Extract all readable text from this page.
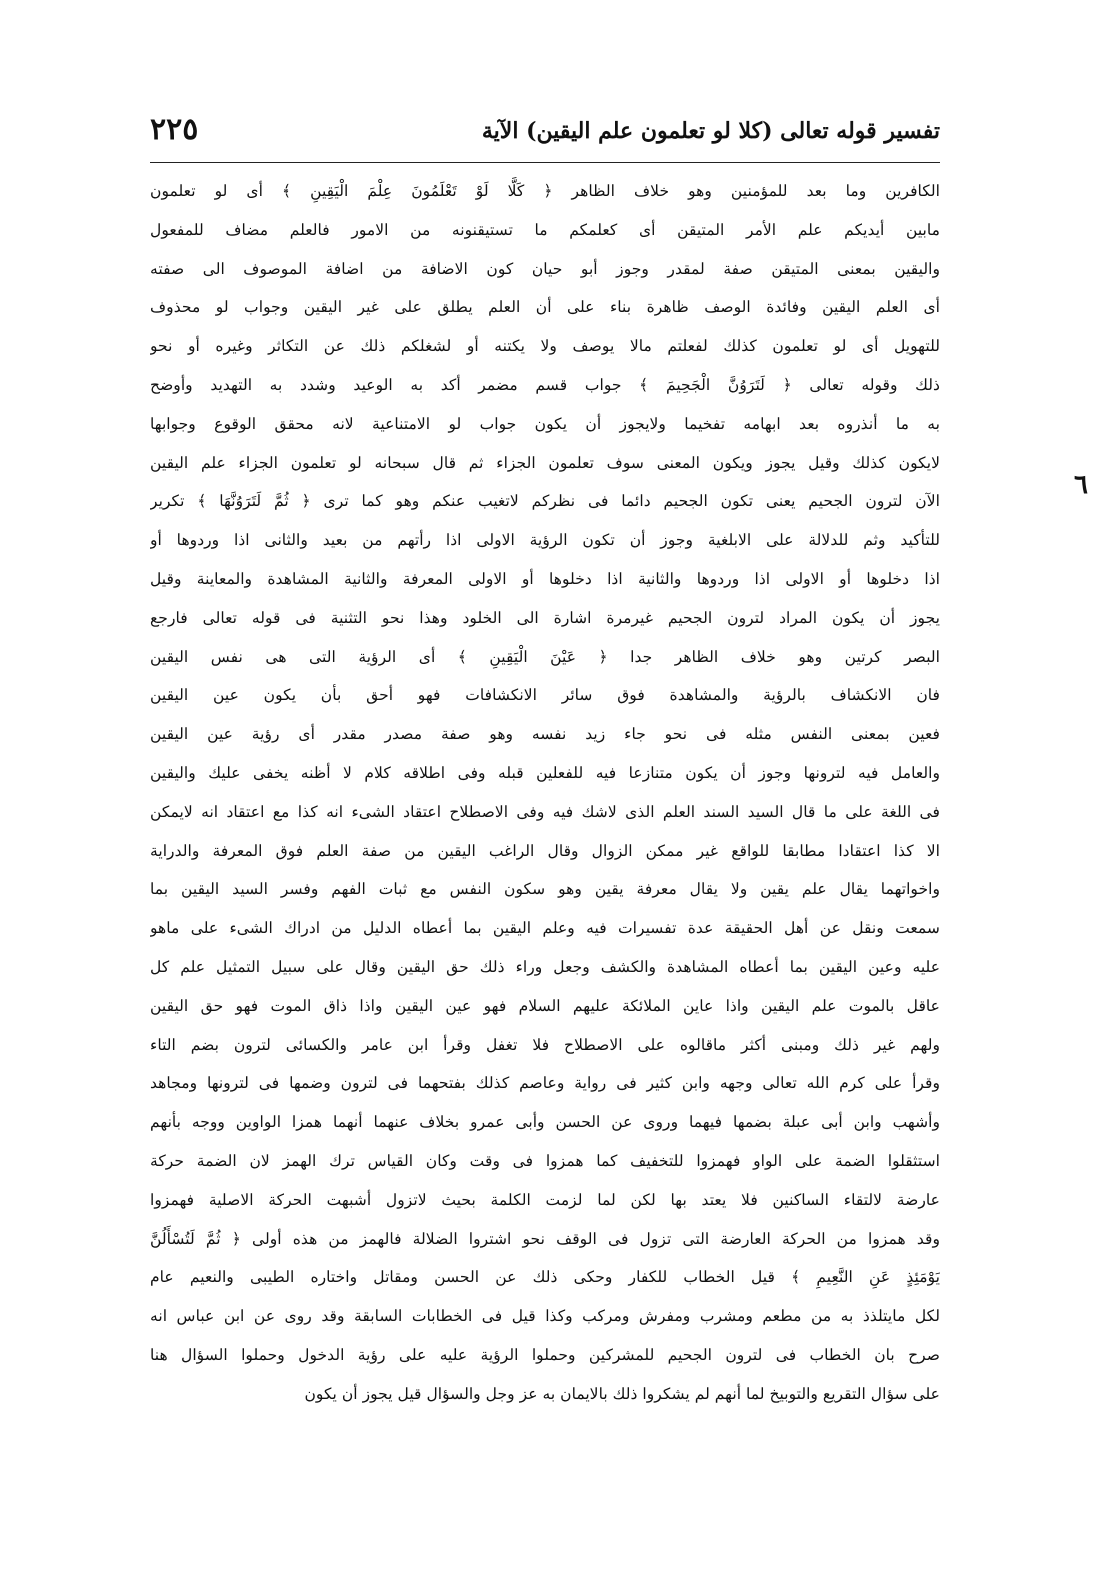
تفسير قوله تعالى (كلا لو تعلمون علم اليقين) الآية
٢٢٥
الكافرين وما بعد للمؤمنين وهو خلاف الظاهر ﴿ كَلَّا لَوْ تَعْلَمُونَ عِلْمَ الْيَقِينِ ﴾ أى لو تعلمون
مابين أيديكم علم الأمر المتيقن أى كعلمكم ما تستيقنونه من الامور فالعلم مضاف للمفعول
واليقين بمعنى المتيقن صفة لمقدر وجوز أبو حيان كون الاضافة من اضافة الموصوف الى صفته
أى العلم اليقين وفائدة الوصف ظاهرة بناء على أن العلم يطلق على غير اليقين وجواب لو محذوف
للتهويل أى لو تعلمون كذلك لفعلتم مالا يوصف ولا يكتنه أو لشغلكم ذلك عن التكاثر وغيره أو نحو
ذلك وقوله تعالى ﴿ لَتَرَوُنَّ الْجَحِيمَ ﴾ جواب قسم مضمر أكد به الوعيد وشدد به التهديد وأوضح
به ما أنذروه بعد ابهامه تفخيما ولايجوز أن يكون جواب لو الامتناعية لانه محقق الوقوع وجوابها
لايكون كذلك وقيل يجوز ويكون المعنى سوف تعلمون الجزاء ثم قال سبحانه لو تعلمون الجزاء علم اليقين
الآن لترون الجحيم يعنى تكون الجحيم دائما فى نظركم لاتغيب عنكم وهو كما ترى ﴿ ثُمَّ لَتَرَوُنَّهَا ﴾ تكرير
للتأكيد وثم للدلالة على الابلغية وجوز أن تكون الرؤية الاولى اذا رأتهم من بعيد والثانى اذا وردوها أو
اذا دخلوها أو الاولى اذا وردوها والثانية اذا دخلوها أو الاولى المعرفة والثانية المشاهدة والمعاينة وقيل
يجوز أن يكون المراد لترون الجحيم غيرمرة اشارة الى الخلود وهذا نحو التثنية فى قوله تعالى فارجع
البصر كرتين وهو خلاف الظاهر جدا ﴿ عَيْنَ الْيَقِينِ ﴾ أى الرؤية التى هى نفس اليقين
فان الانكشاف بالرؤية والمشاهدة فوق سائر الانكشافات فهو أحق بأن يكون عين اليقين
فعين بمعنى النفس مثله فى نحو جاء زيد نفسه وهو صفة مصدر مقدر أى رؤية عين اليقين
والعامل فيه لترونها وجوز أن يكون متنازعا فيه للفعلين قبله وفى اطلاقه كلام لا أظنه يخفى عليك واليقين
فى اللغة على ما قال السيد السند العلم الذى لاشك فيه وفى الاصطلاح اعتقاد الشىء انه كذا مع اعتقاد انه لايمكن
الا كذا اعتقادا مطابقا للواقع غير ممكن الزوال وقال الراغب اليقين من صفة العلم فوق المعرفة والدراية
واخواتهما يقال علم يقين ولا يقال معرفة يقين وهو سكون النفس مع ثبات الفهم وفسر السيد اليقين بما
سمعت ونقل عن أهل الحقيقة عدة تفسيرات فيه وعلم اليقين بما أعطاه الدليل من ادراك الشىء على ماهو
عليه وعين اليقين بما أعطاه المشاهدة والكشف وجعل وراء ذلك حق اليقين وقال على سبيل التمثيل علم كل
عاقل بالموت علم اليقين واذا عاين الملائكة عليهم السلام فهو عين اليقين واذا ذاق الموت فهو حق اليقين
ولهم غير ذلك ومبنى أكثر ماقالوه على الاصطلاح فلا تغفل وقرأ ابن عامر والكسائى لترون بضم التاء
وقرأ على كرم الله تعالى وجهه وابن كثير فى رواية وعاصم كذلك بفتحهما فى لترون وضمها فى لترونها ومجاهد
وأشهب وابن أبى عبلة بضمها فيهما وروى عن الحسن وأبى عمرو بخلاف عنهما أنهما همزا الواوين ووجه بأنهم
استثقلوا الضمة على الواو فهمزوا للتخفيف كما همزوا فى وقت وكان القياس ترك الهمز لان الضمة حركة
عارضة لالتقاء الساكنين فلا يعتد بها لكن لما لزمت الكلمة بحيث لاتزول أشبهت الحركة الاصلية فهمزوا
وقد همزوا من الحركة العارضة التى تزول فى الوقف نحو اشتروا الضلالة فالهمز من هذه أولى ﴿ ثُمَّ لَتُسْأَلُنَّ
يَوْمَئِذٍ عَنِ النَّعِيمِ ﴾ قيل الخطاب للكفار وحكى ذلك عن الحسن ومقاتل واختاره الطيبى والنعيم عام
لكل مايتلذذ به من مطعم ومشرب ومفرش ومركب وكذا قيل فى الخطابات السابقة وقد روى عن ابن عباس انه
صرح بان الخطاب فى لترون الجحيم للمشركين وحملوا الرؤية عليه على رؤية الدخول وحملوا السؤال هنا
على سؤال التقريع والتوبيخ لما أنهم لم يشكروا ذلك بالايمان به عز وجل والسؤال قيل يجوز أن يكون
٦
